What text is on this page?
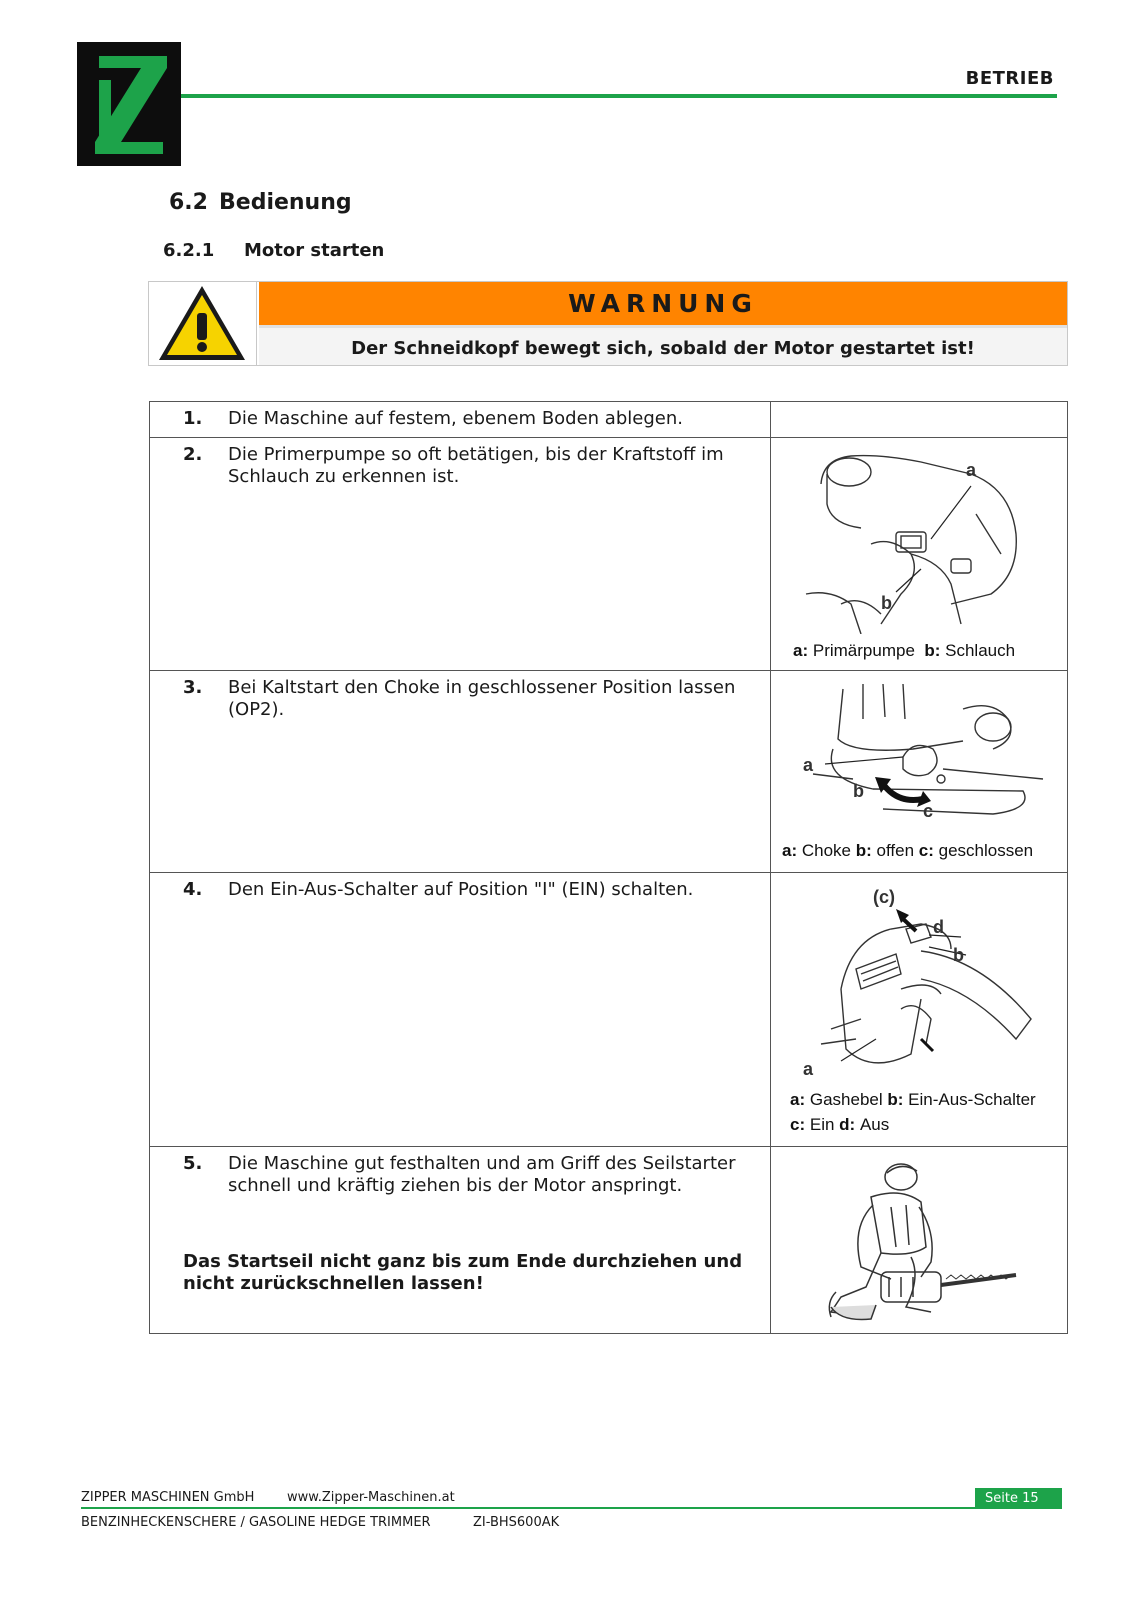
BETRIEB
6.2 Bedienung
6.2.1 Motor starten
WARNUNG
Der Schneidkopf bewegt sich, sobald der Motor gestartet ist!
1. Die Maschine auf festem, ebenem Boden ablegen.
2. Die Primerpumpe so oft betätigen, bis der Kraftstoff im Schlauch zu erkennen ist.	a
b
a: Primärpumpe b: Schlauch
3. Bei Kaltstart den Choke in geschlossener Position lassen (OP2).
a
b
c
a: Choke b: offen c: geschlossen
4. Den Ein-Aus-Schalter auf Position "I" (EIN) schalten.	(c)
d
b
a
a: Gashebel b: Ein-Aus-Schalter
c: Ein d: Aus
5. Die Maschine gut festhalten und am Griff des Seilstarter schnell und kräftig ziehen bis der Motor anspringt.
Das Startseil nicht ganz bis zum Ende durchziehen und nicht zurückschnellen lassen!
ZIPPER MASCHINEN GmbH	www.Zipper-Maschinen.at	Seite 15
BENZINHECKENSCHERE / GASOLINE HEDGE TRIMMER	ZI-BHS600AK
